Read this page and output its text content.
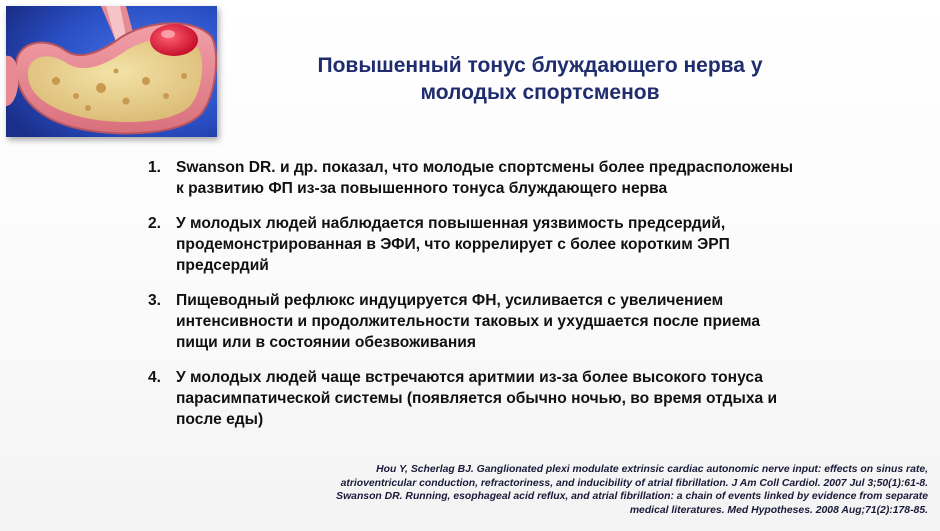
Повышенный тонус блуждающего нерва у
молодых спортсменов
1. Swanson DR. и др. показал, что молодые спортсмены более предрасположены
к развитию ФП из-за повышенного тонуса блуждающего нерва
2. У молодых людей наблюдается повышенная уязвимость предсердий,
продемонстрированная в ЭФИ, что коррелирует с более коротким ЭРП
предсердий
3. Пищеводный рефлюкс индуцируется ФН, усиливается с увеличением
интенсивности и продолжительности таковых и ухудшается после приема
пищи или в состоянии обезвоживания
4. У молодых людей чаще встречаются аритмии из-за более высокого тонуса
парасимпатической системы (появляется обычно ночью, во время отдыха и
после еды)
Hou Y, Scherlag BJ. Ganglionated plexi modulate extrinsic cardiac autonomic nerve input: effects on sinus rate,
atrioventricular conduction, refractoriness, and inducibility of atrial fibrillation. J Am Coll Cardiol. 2007 Jul 3;50(1):61-8.
Swanson DR. Running, esophageal acid reflux, and atrial fibrillation: a chain of events linked by evidence from separate
medical literatures. Med Hypotheses. 2008 Aug;71(2):178-85.
